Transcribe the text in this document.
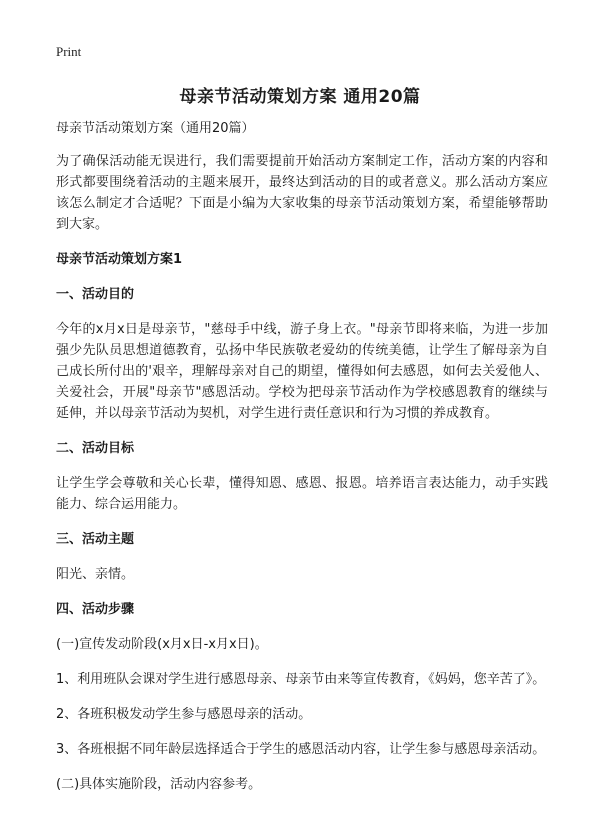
Print
母亲节活动策划方案 通用20篇

母亲节活动策划方案（通用20篇）

为了确保活动能无误进行，我们需要提前开始活动方案制定工作，活动方案的内容和形式都要围绕着活动的主题来展开，最终达到活动的目的或者意义。那么活动方案应该怎么制定才合适呢？下面是小编为大家收集的母亲节活动策划方案，希望能够帮助到大家。

母亲节活动策划方案1

一、活动目的

今年的x月x日是母亲节，"慈母手中线，游子身上衣。"母亲节即将来临，为进一步加强少先队员思想道德教育，弘扬中华民族敬老爱幼的传统美德，让学生了解母亲为自己成长所付出的'艰辛，理解母亲对自己的期望，懂得如何去感恩，如何去关爱他人、关爱社会，开展"母亲节"感恩活动。学校为把母亲节活动作为学校感恩教育的继续与延伸，并以母亲节活动为契机，对学生进行责任意识和行为习惯的养成教育。

二、活动目标

让学生学会尊敬和关心长辈，懂得知恩、感恩、报恩。培养语言表达能力，动手实践能力、综合运用能力。

三、活动主题

阳光、亲情。

四、活动步骤

(一)宣传发动阶段(x月x日-x月x日)。

1、利用班队会课对学生进行感恩母亲、母亲节由来等宣传教育，《妈妈，您辛苦了》。

2、各班积极发动学生参与感恩母亲的活动。

3、各班根据不同年龄层选择适合于学生的感恩活动内容，让学生参与感恩母亲活动。

(二)具体实施阶段，活动内容参考。
